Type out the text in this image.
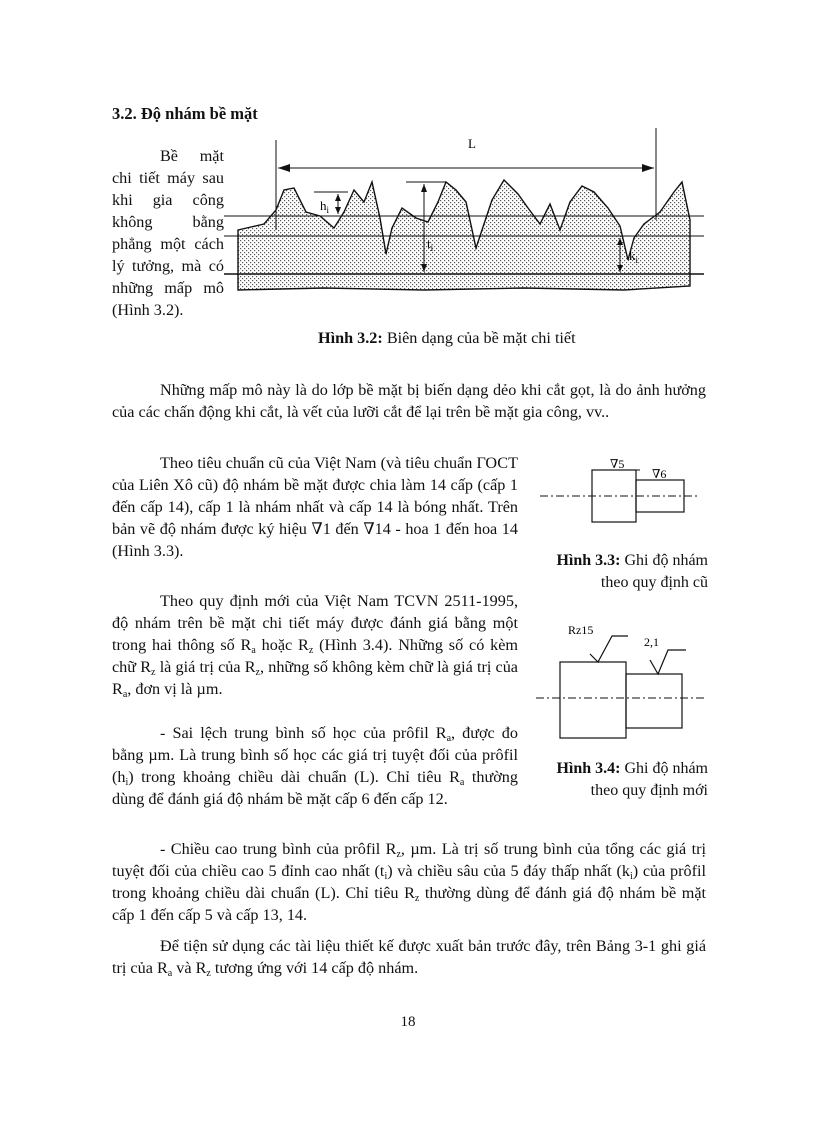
3.2. Độ nhám bề mặt
Bề mặt chi tiết máy sau khi gia công không bằng phẳng một cách lý tưởng, mà có những mấp mô (Hình 3.2).
L
$h_i$
$t_i$	$k_i$
Hình 3.2: Biên dạng của bề mặt chi tiết
Những mấp mô này là do lớp bề mặt bị biến dạng dẻo khi cắt gọt, là do ảnh hưởng của các chấn động khi cắt, là vết của lưỡi cắt để lại trên bề mặt gia công, vv..
Theo tiêu chuẩn cũ của Việt Nam (và tiêu chuẩn ГОСТ của Liên Xô cũ) độ nhám bề mặt được chia làm 14 cấp (cấp 1 đến cấp 14), cấp 1 là nhám nhất và cấp 14 là bóng nhất. Trên bản vẽ độ nhám được ký hiệu ∇1 đến ∇14 - hoa 1 đến hoa 14 (Hình 3.3).
∇5
∇6
Hình 3.3: Ghi độ nhám
theo quy định cũ
Theo quy định mới của Việt Nam TCVN 2511-1995, độ nhám trên bề mặt chi tiết máy được đánh giá bằng một trong hai thông số $R_a$ hoặc $R_z$ (Hình 3.4). Những số có kèm chữ $R_z$ là giá trị của $R_z$, những số không kèm chữ là giá trị của $R_a$, đơn vị là µm.
Rz15
2,1
Hình 3.4: Ghi độ nhám
theo quy định mới
- Sai lệch trung bình số học của prôfil $R_a$, được đo bằng µm. Là trung bình số học các giá trị tuyệt đối của prôfil $(h_i)$ trong khoảng chiều dài chuẩn (L). Chỉ tiêu $R_a$ thường dùng để đánh giá độ nhám bề mặt cấp 6 đến cấp 12.
- Chiều cao trung bình của prôfil $R_z$, µm. Là trị số trung bình của tổng các giá trị tuyệt đối của chiều cao 5 đỉnh cao nhất $(t_i)$ và chiều sâu của 5 đáy thấp nhất $(k_i)$ của prôfil trong khoảng chiều dài chuẩn (L). Chỉ tiêu $R_z$ thường dùng để đánh giá độ nhám bề mặt cấp 1 đến cấp 5 và cấp 13, 14.
Để tiện sử dụng các tài liệu thiết kế được xuất bản trước đây, trên Bảng 3-1 ghi giá trị của $R_a$ và $R_z$ tương ứng với 14 cấp độ nhám.
18
